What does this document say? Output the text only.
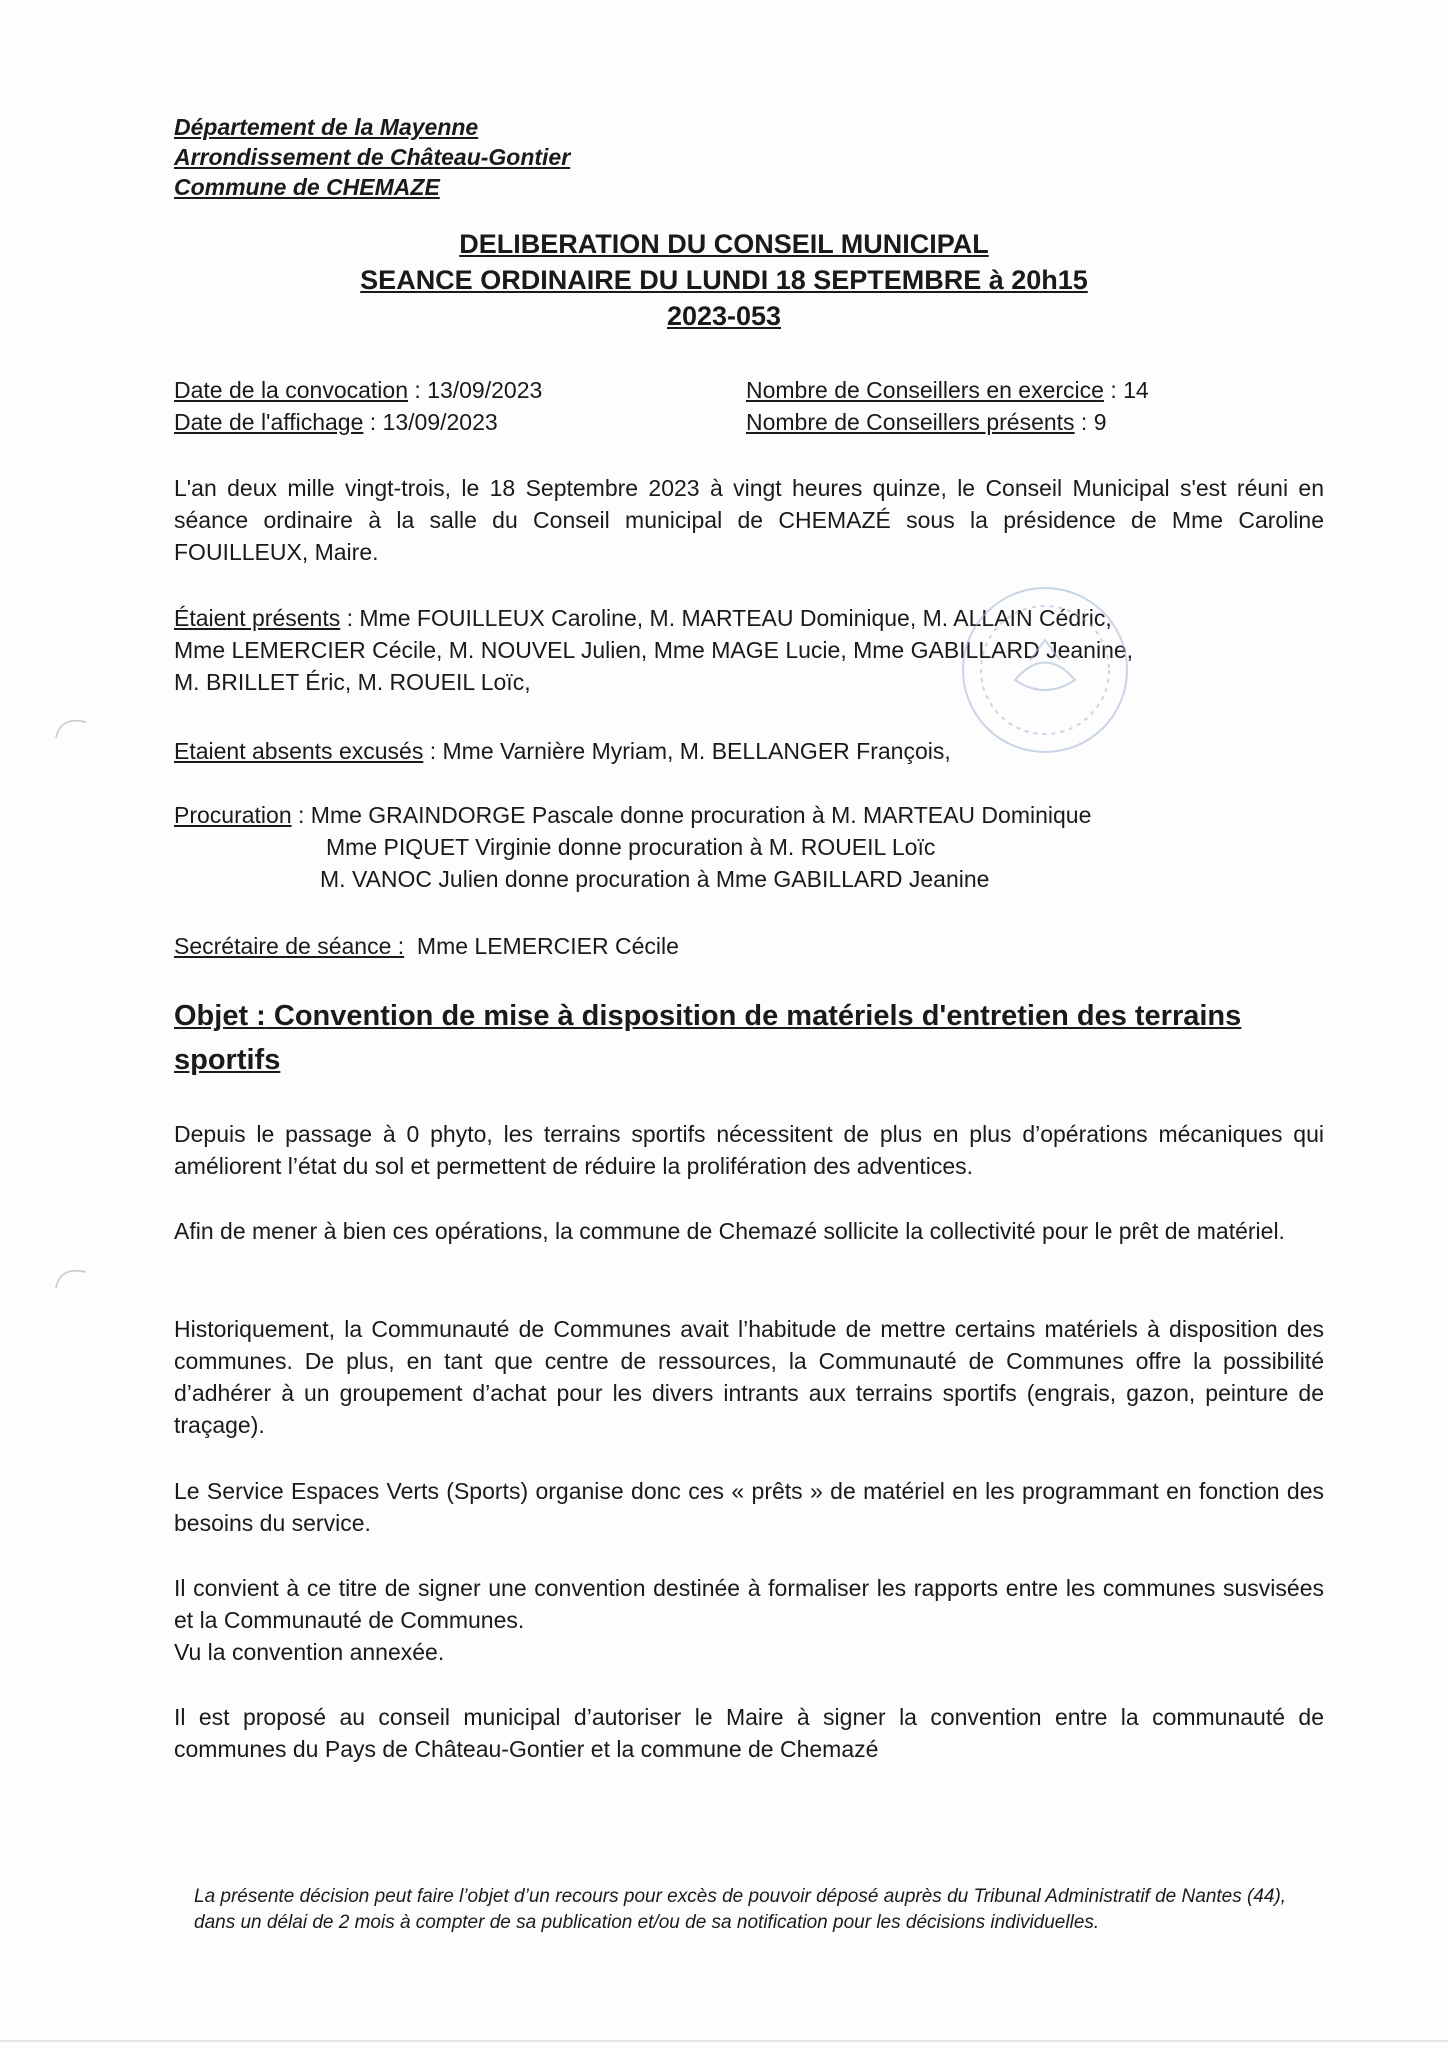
Département de la Mayenne
Arrondissement de Château-Gontier
Commune de CHEMAZE
DELIBERATION DU CONSEIL MUNICIPAL
SEANCE ORDINAIRE DU LUNDI 18 SEPTEMBRE à 20h15
2023-053
Date de la convocation : 13/09/2023
Date de l'affichage : 13/09/2023
Nombre de Conseillers en exercice : 14
Nombre de Conseillers présents : 9
L'an deux mille vingt-trois, le 18 Septembre 2023 à vingt heures quinze, le Conseil Municipal s'est réuni en séance ordinaire à la salle du Conseil municipal de CHEMAZÉ sous la présidence de Mme Caroline FOUILLEUX, Maire.
Étaient présents : Mme FOUILLEUX Caroline, M. MARTEAU Dominique, M. ALLAIN Cédric,
Mme LEMERCIER Cécile, M. NOUVEL Julien, Mme MAGE Lucie, Mme GABILLARD Jeanine,
M. BRILLET Éric, M. ROUEIL Loïc,
Etaient absents excusés : Mme Varnière Myriam, M. BELLANGER François,
Procuration : Mme GRAINDORGE Pascale donne procuration à M. MARTEAU Dominique
Mme PIQUET Virginie donne procuration à M. ROUEIL Loïc
M. VANOC Julien donne procuration à Mme GABILLARD Jeanine
Secrétaire de séance :  Mme LEMERCIER Cécile
Objet : Convention de mise à disposition de matériels d'entretien des terrains sportifs
Depuis le passage à 0 phyto, les terrains sportifs nécessitent de plus en plus d’opérations mécaniques qui améliorent l’état du sol et permettent de réduire la prolifération des adventices.
Afin de mener à bien ces opérations, la commune de Chemazé sollicite la collectivité pour le prêt de matériel.
Historiquement, la Communauté de Communes avait l’habitude de mettre certains matériels à disposition des communes. De plus, en tant que centre de ressources, la Communauté de Communes offre la possibilité d’adhérer à un groupement d’achat pour les divers intrants aux terrains sportifs (engrais, gazon, peinture de traçage).
Le Service Espaces Verts (Sports) organise donc ces « prêts » de matériel en les programmant en fonction des besoins du service.
Il convient à ce titre de signer une convention destinée à formaliser les rapports entre les communes susvisées et la Communauté de Communes.
Vu la convention annexée.
Il est proposé au conseil municipal d’autoriser le Maire à signer la convention entre la communauté de communes du Pays de Château-Gontier et la commune de Chemazé
La présente décision peut faire l’objet d’un recours pour excès de pouvoir déposé auprès du Tribunal Administratif de Nantes (44), dans un délai de 2 mois à compter de sa publication et/ou de sa notification pour les décisions individuelles.
